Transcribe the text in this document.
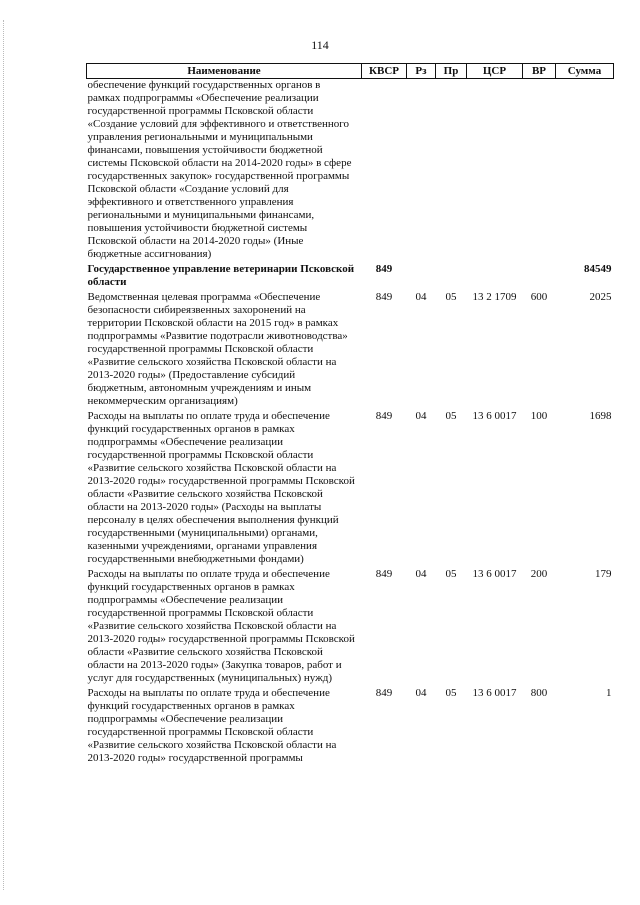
114
Наименование	КВСР	Рз	Пр	ЦСР	ВР	Сумма
обеспечение функций государственных органов в рамках подпрограммы «Обеспечение реализации государственной программы Псковской области «Создание условий для эффективного и ответственного управления региональными и муниципальными финансами, повышения устойчивости бюджетной системы Псковской области на 2014-2020 годы» в сфере государственных закупок» государственной программы Псковской области «Создание условий для эффективного и ответственного управления региональными и муниципальными финансами, повышения устойчивости бюджетной системы Псковской области на 2014-2020 годы» (Иные бюджетные ассигнования)						
Государственное управление ветеринарии Псковской области	849					84549
Ведомственная целевая программа «Обеспечение безопасности сибиреязвенных захоронений на территории Псковской области на 2015 год» в рамках подпрограммы «Развитие подотрасли животноводства» государственной программы Псковской области «Развитие сельского хозяйства Псковской области на 2013-2020 годы» (Предоставление субсидий бюджетным, автономным учреждениям и иным некоммерческим организациям)	849	04	05	13 2 1709	600	2025
Расходы на выплаты по оплате труда и обеспечение функций государственных органов в рамках подпрограммы «Обеспечение реализации государственной программы Псковской области «Развитие сельского хозяйства Псковской области на 2013-2020 годы» государственной программы Псковской области «Развитие сельского хозяйства Псковской области на 2013-2020 годы» (Расходы на выплаты персоналу в целях обеспечения выполнения функций государственными (муниципальными) органами, казенными учреждениями, органами управления государственными внебюджетными фондами)	849	04	05	13 6 0017	100	1698
Расходы на выплаты по оплате труда и обеспечение функций государственных органов в рамках подпрограммы «Обеспечение реализации государственной программы Псковской области «Развитие сельского хозяйства Псковской области на 2013-2020 годы» государственной программы Псковской области «Развитие сельского хозяйства Псковской области на 2013-2020 годы» (Закупка товаров, работ и услуг для государственных (муниципальных) нужд)	849	04	05	13 6 0017	200	179
Расходы на выплаты по оплате труда и обеспечение функций государственных органов в рамках подпрограммы «Обеспечение реализации государственной программы Псковской области «Развитие сельского хозяйства Псковской области на 2013-2020 годы» государственной программы	849	04	05	13 6 0017	800	1
